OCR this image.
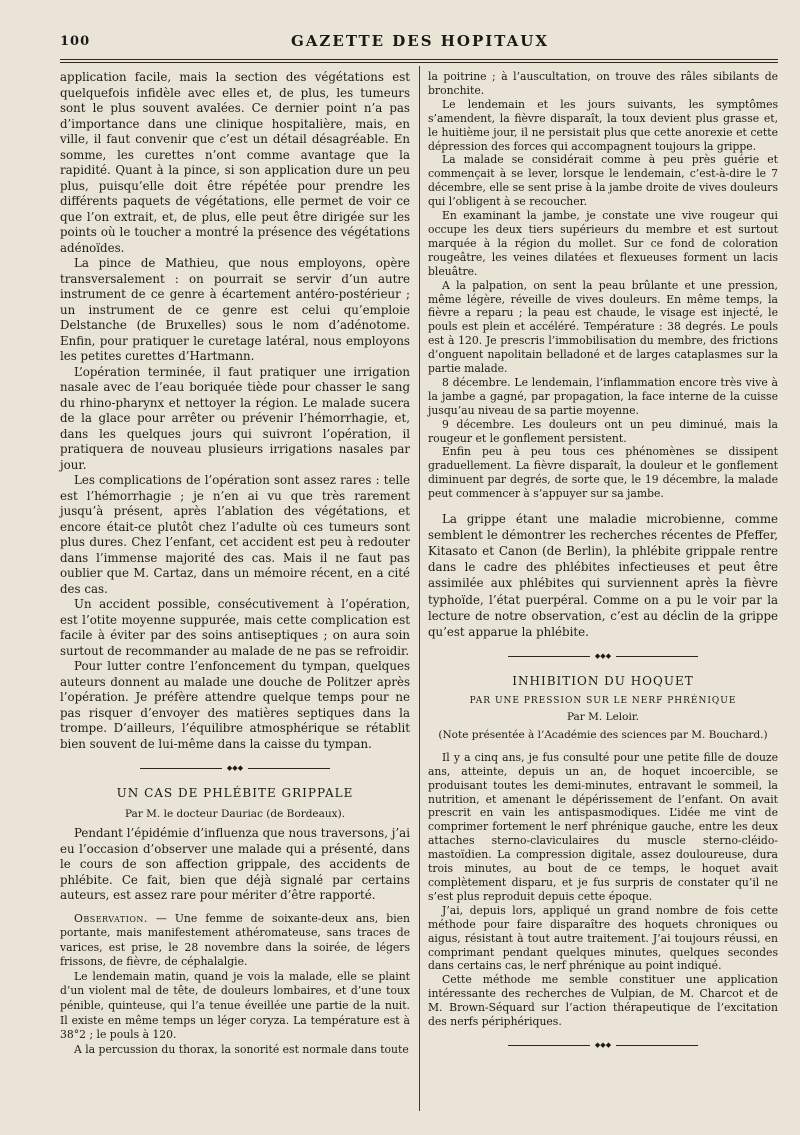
100	GAZETTE DES HOPITAUX

application facile, mais la section des végétations est quelquefois infidèle avec elles et, de plus, les tumeurs sont le plus souvent avalées. Ce dernier point n’a pas d’importance dans une clinique hospitalière, mais, en ville, il faut convenir que c’est un détail désagréable. En somme, les curettes n’ont comme avantage que la rapidité. Quant à la pince, si son application dure un peu plus, puisqu’elle doit être répétée pour prendre les différents paquets de végétations, elle permet de voir ce que l’on extrait, et, de plus, elle peut être dirigée sur les points où le toucher a montré la présence des végétations adénoïdes.

La pince de Mathieu, que nous employons, opère transversalement : on pourrait se servir d’un autre instrument de ce genre à écartement antéro-postérieur ; un instrument de ce genre est celui qu’emploie Delstanche (de Bruxelles) sous le nom d’adénotome. Enfin, pour pratiquer le curetage latéral, nous employons les petites curettes d’Hartmann.

L’opération terminée, il faut pratiquer une irrigation nasale avec de l’eau boriquée tiède pour chasser le sang du rhino-pharynx et nettoyer la région. Le malade sucera de la glace pour arrêter ou prévenir l’hémorrhagie, et, dans les quelques jours qui suivront l’opération, il pratiquera de nouveau plusieurs irrigations nasales par jour.

Les complications de l’opération sont assez rares : telle est l’hémorrhagie ; je n’en ai vu que très rarement jusqu’à présent, après l’ablation des végétations, et encore était-ce plutôt chez l’adulte où ces tumeurs sont plus dures. Chez l’enfant, cet accident est peu à redouter dans l’immense majorité des cas. Mais il ne faut pas oublier que M. Cartaz, dans un mémoire récent, en a cité des cas.

Un accident possible, consécutivement à l’opération, est l’otite moyenne suppurée, mais cette complication est facile à éviter par des soins antiseptiques ; on aura soin surtout de recommander au malade de ne pas se refroidir.

Pour lutter contre l’enfoncement du tympan, quelques auteurs donnent au malade une douche de Politzer après l’opération. Je préfère attendre quelque temps pour ne pas risquer d’envoyer des matières septiques dans la trompe. D’ailleurs, l’équilibre atmosphérique se rétablit bien souvent de lui-même dans la caisse du tympan.

◆◆◆
UN CAS DE PHLÉBITE GRIPPALE
Par M. le docteur Dauriac (de Bordeaux).

Pendant l’épidémie d’influenza que nous traversons, j’ai eu l’occasion d’observer une malade qui a présenté, dans le cours de son affection grippale, des accidents de phlébite. Ce fait, bien que déjà signalé par certains auteurs, est assez rare pour mériter d’être rapporté.

Observation. — Une femme de soixante-deux ans, bien portante, mais manifestement athéromateuse, sans traces de varices, est prise, le 28 novembre dans la soirée, de légers frissons, de fièvre, de céphalalgie.

Le lendemain matin, quand je vois la malade, elle se plaint d’un violent mal de tête, de douleurs lombaires, et d’une toux pénible, quinteuse, qui l’a tenue éveillée une partie de la nuit. Il existe en même temps un léger coryza. La température est à 38°2 ; le pouls à 120.

A la percussion du thorax, la sonorité est normale dans toute

la poitrine ; à l’auscultation, on trouve des râles sibilants de bronchite.

Le lendemain et les jours suivants, les symptômes s’amendent, la fièvre disparaît, la toux devient plus grasse et, le huitième jour, il ne persistait plus que cette anorexie et cette dépression des forces qui accompagnent toujours la grippe.

La malade se considérait comme à peu près guérie et commençait à se lever, lorsque le lendemain, c’est-à-dire le 7 décembre, elle se sent prise à la jambe droite de vives douleurs qui l’obligent à se recoucher.

En examinant la jambe, je constate une vive rougeur qui occupe les deux tiers supérieurs du membre et est surtout marquée à la région du mollet. Sur ce fond de coloration rougeâtre, les veines dilatées et flexueuses forment un lacis bleuâtre.

A la palpation, on sent la peau brûlante et une pression, même légère, réveille de vives douleurs. En même temps, la fièvre a reparu ; la peau est chaude, le visage est injecté, le pouls est plein et accéléré. Température : 38 degrés. Le pouls est à 120. Je prescris l’immobilisation du membre, des frictions d’onguent napolitain belladoné et de larges cataplasmes sur la partie malade.

8 décembre. Le lendemain, l’inflammation encore très vive à la jambe a gagné, par propagation, la face interne de la cuisse jusqu’au niveau de sa partie moyenne.

9 décembre. Les douleurs ont un peu diminué, mais la rougeur et le gonflement persistent.

Enfin peu à peu tous ces phénomènes se dissipent graduellement. La fièvre disparaît, la douleur et le gonflement diminuent par degrés, de sorte que, le 19 décembre, la malade peut commencer à s’appuyer sur sa jambe.

La grippe étant une maladie microbienne, comme semblent le démontrer les recherches récentes de Pfeffer, Kitasato et Canon (de Berlin), la phlébite grippale rentre dans le cadre des phlébites infectieuses et peut être assimilée aux phlébites qui surviennent après la fièvre typhoïde, l’état puerpéral. Comme on a pu le voir par la lecture de notre observation, c’est au déclin de la grippe qu’est apparue la phlébite.

◆◆◆
INHIBITION DU HOQUET
PAR UNE PRESSION SUR LE NERF PHRÉNIQUE
Par M. Leloir.
(Note présentée à l’Académie des sciences par M. Bouchard.)

Il y a cinq ans, je fus consulté pour une petite fille de douze ans, atteinte, depuis un an, de hoquet incoercible, se produisant toutes les demi-minutes, entravant le sommeil, la nutrition, et amenant le dépérissement de l’enfant. On avait prescrit en vain les antispasmodiques. L’idée me vint de comprimer fortement le nerf phrénique gauche, entre les deux attaches sterno-claviculaires du muscle sterno-cléido-mastoïdien. La compression digitale, assez douloureuse, dura trois minutes, au bout de ce temps, le hoquet avait complètement disparu, et je fus surpris de constater qu’il ne s’est plus reproduit depuis cette époque.

J’ai, depuis lors, appliqué un grand nombre de fois cette méthode pour faire disparaître des hoquets chroniques ou aigus, résistant à tout autre traitement. J’ai toujours réussi, en comprimant pendant quelques minutes, quelques secondes dans certains cas, le nerf phrénique au point indiqué.

Cette méthode me semble constituer une application intéressante des recherches de Vulpian, de M. Charcot et de M. Brown-Séquard sur l’action thérapeutique de l’excitation des nerfs périphériques.

◆◆◆
